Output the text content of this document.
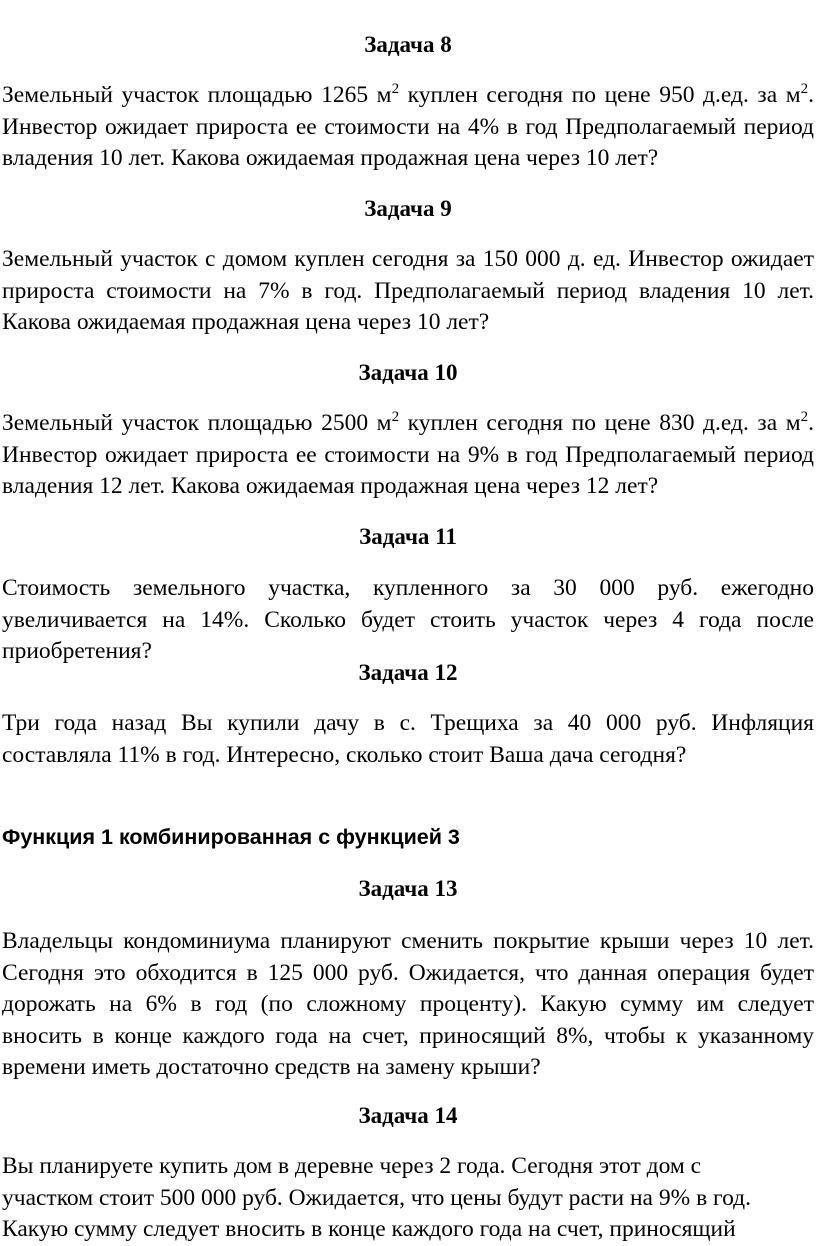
Задача 8
Земельный участок площадью 1265 $м^2$ куплен сегодня по цене 950 д.ед. за $м^2$.
Инвестор ожидает прироста ее стоимости на 4% в год Предполагаемый период
владения 10 лет. Какова ожидаемая продажная цена через 10 лет?
Задача 9
Земельный участок с домом куплен сегодня за 150 000 д. ед. Инвестор ожидает
прироста стоимости на 7% в год. Предполагаемый период владения 10 лет.
Какова ожидаемая продажная цена через 10 лет?
Задача 10
Земельный участок площадью 2500 $м^2$ куплен сегодня по цене 830 д.ед. за $м^2$.
Инвестор ожидает прироста ее стоимости на 9% в год Предполагаемый период
владения 12 лет. Какова ожидаемая продажная цена через 12 лет?
Задача 11
Стоимость земельного участка, купленного за 30 000 руб. ежегодно
увеличивается на 14%. Сколько будет стоить участок через 4 года после
приобретения?
Задача 12
Три года назад Вы купили дачу в с. Трещиха за 40 000 руб. Инфляция
составляла 11% в год. Интересно, сколько стоит Ваша дача сегодня?
Функция 1 комбинированная с функцией 3
Задача 13
Владельцы кондоминиума планируют сменить покрытие крыши через 10 лет.
Сегодня это обходится в 125 000 руб. Ожидается, что данная операция будет
дорожать на 6% в год (по сложному проценту). Какую сумму им следует
вносить в конце каждого года на счет, приносящий 8%, чтобы к указанному
времени иметь достаточно средств на замену крыши?
Задача 14
Вы планируете купить дом в деревне через 2 года. Сегодня этот дом с
участком стоит 500 000 руб. Ожидается, что цены будут расти на 9% в год.
Какую сумму следует вносить в конце каждого года на счет, приносящий
